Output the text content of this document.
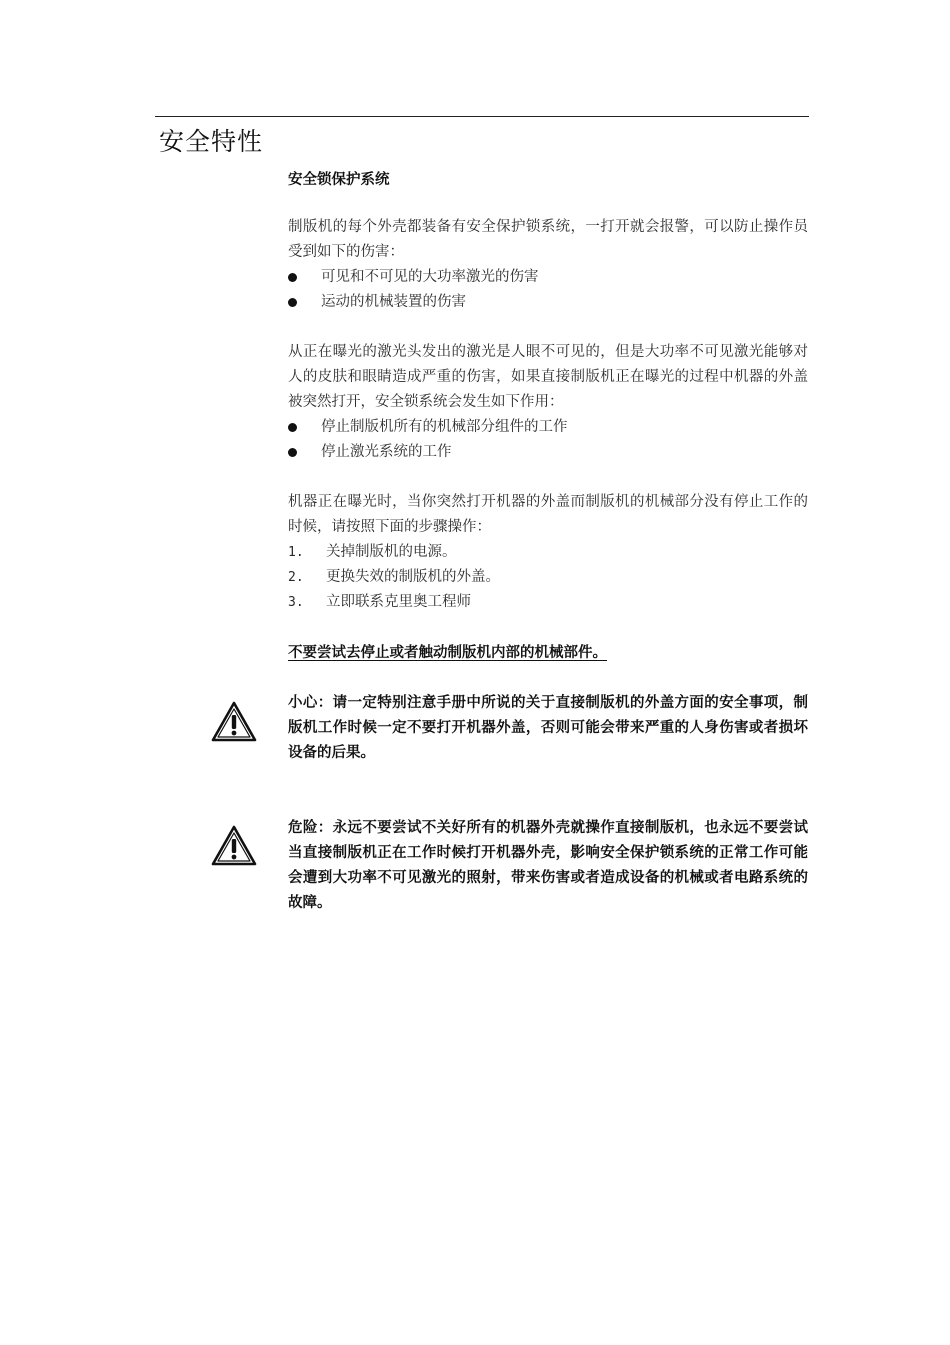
安全特性
安全锁保护系统

制版机的每个外壳都装备有安全保护锁系统，一打开就会报警，可以防止操作员受到如下的伤害：

可见和不可见的大功率激光的伤害
运动的机械装置的伤害

从正在曝光的激光头发出的激光是人眼不可见的，但是大功率不可见激光能够对人的皮肤和眼睛造成严重的伤害，如果直接制版机正在曝光的过程中机器的外盖被突然打开，安全锁系统会发生如下作用：

停止制版机所有的机械部分组件的工作
停止激光系统的工作

机器正在曝光时，当你突然打开机器的外盖而制版机的机械部分没有停止工作的时候，请按照下面的步骤操作：

1. 关掉制版机的电源。
2. 更换失效的制版机的外盖。
3. 立即联系克里奥工程师
不要尝试去停止或者触动制版机内部的机械部件。
小心：请一定特别注意手册中所说的关于直接制版机的外盖方面的安全事项，制版机工作时候一定不要打开机器外盖，否则可能会带来严重的人身伤害或者损坏设备的后果。
危险：永远不要尝试不关好所有的机器外壳就操作直接制版机，也永远不要尝试当直接制版机正在工作时候打开机器外壳，影响安全保护锁系统的正常工作可能会遭到大功率不可见激光的照射，带来伤害或者造成设备的机械或者电路系统的故障。
